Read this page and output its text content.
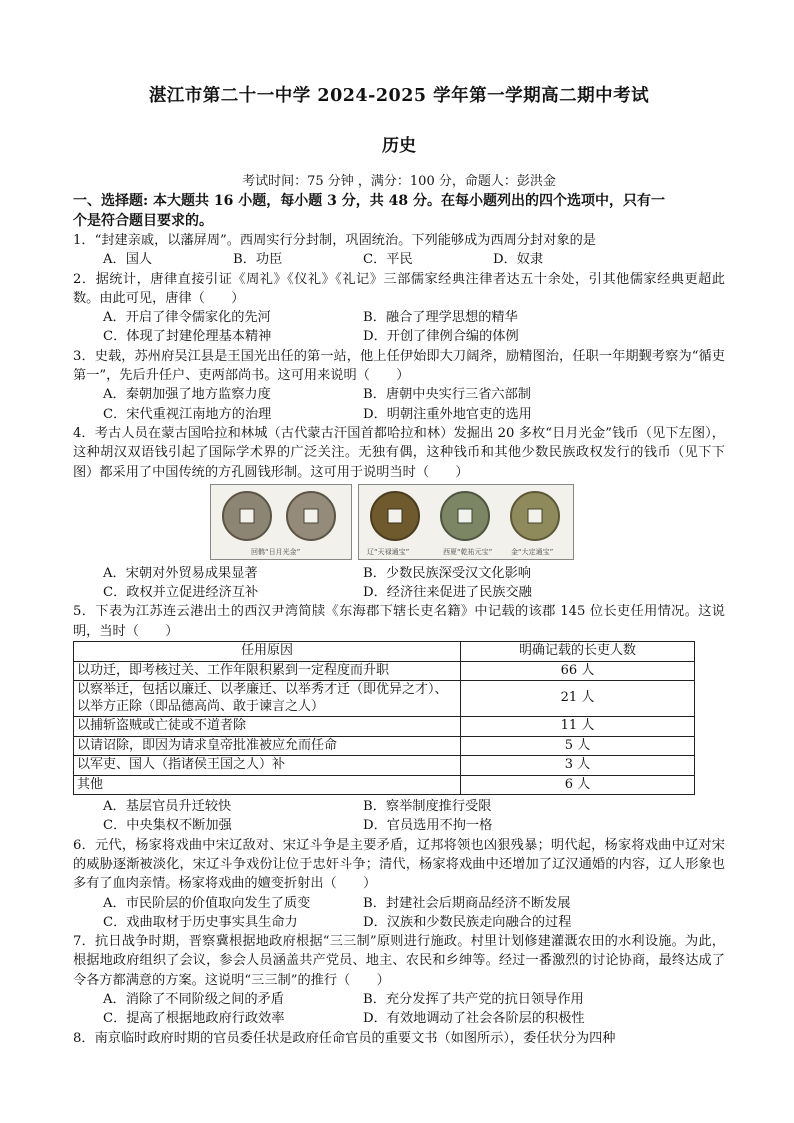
湛江市第二十一中学 2024-2025 学年第一学期高二期中考试
历史
考试时间：75 分钟 ，满分：100 分，命题人：彭洪金
一、选择题: 本大题共 16 小题，每小题 3 分，共 48 分。在每小题列出的四个选项中，只有一
个是符合题目要求的。

1．“封建亲戚，以藩屏周”。西周实行分封制，巩固统治。下列能够成为西周分封对象的是

A．国人	B．功臣	C．平民	D．奴隶

2．据统计，唐律直接引证《周礼》《仪礼》《礼记》三部儒家经典注律者达五十余处，引其他儒家经典更超此数。由此可见，唐律（　　）

A．开启了律令儒家化的先河	B．融合了理学思想的精华
C．体现了封建伦理基本精神	D．开创了律例合编的体例

3．史载，苏州府吴江县是王国光出任的第一站，他上任伊始即大刀阔斧，励精图治，任职一年期觐考察为“循吏第一”，先后升任户、吏两部尚书。这可用来说明（　　）

A．秦朝加强了地方监察力度	B．唐朝中央实行三省六部制
C．宋代重视江南地方的治理	D．明朝注重外地官吏的选用

4．考古人员在蒙古国哈拉和林城（古代蒙古汗国首都哈拉和林）发掘出 20 多枚“日月光金”钱币（见下左图），这种胡汉双语钱引起了国际学术界的广泛关注。无独有偶，这种钱币和其他少数民族政权发行的钱币（见下下图）都采用了中国传统的方孔圆钱形制。这可用于说明当时（　　）

回鹘“日月光金”	辽“天禄通宝”	西夏“乾祐元宝”	金“大定通宝”
A．宋朝对外贸易成果显著	B．少数民族深受汉文化影响
C．政权并立促进经济互补	D．经济往来促进了民族交融

5．下表为江苏连云港出土的西汉尹湾简牍《东海郡下辖长吏名籍》中记载的该郡 145 位长吏任用情况。这说明，当时（　　）

任用原因	明确记载的长吏人数
以功迁，即考核过关、工作年限积累到一定程度而升职	66 人
以察举迁，包括以廉迁、以孝廉迁、以举秀才迁（即优异之才）、以举方正除（即品德高尚、敢于谏言之人）	21 人
以捕斩盗贼或亡徒或不道者除	11 人
以请诏除，即因为请求皇帝批准被应允而任命	5 人
以军吏、国人（指诸侯王国之人）补	3 人
其他	6 人
A．基层官员升迁较快	B．察举制度推行受限
C．中央集权不断加强	D．官员选用不拘一格

6．元代，杨家将戏曲中宋辽敌对、宋辽斗争是主要矛盾，辽邦将领也凶狠残暴；明代起，杨家将戏曲中辽对宋的威胁逐渐被淡化，宋辽斗争戏份让位于忠奸斗争；清代，杨家将戏曲中还增加了辽汉通婚的内容，辽人形象也多有了血肉亲情。杨家将戏曲的嬗变折射出（　　）

A．市民阶层的价值取向发生了质变	B．封建社会后期商品经济不断发展
C．戏曲取材于历史事实具生命力	D．汉族和少数民族走向融合的过程

7．抗日战争时期，晋察冀根据地政府根据“三三制”原则进行施政。村里计划修建灌溉农田的水利设施。为此，根据地政府组织了会议，参会人员涵盖共产党员、地主、农民和乡绅等。经过一番激烈的讨论协商，最终达成了令各方都满意的方案。这说明“三三制”的推行（　　）

A．消除了不同阶级之间的矛盾	B．充分发挥了共产党的抗日领导作用
C．提高了根据地政府行政效率	D．有效地调动了社会各阶层的积极性

8．南京临时政府时期的官员委任状是政府任命官员的重要文书（如图所示），委任状分为四种
